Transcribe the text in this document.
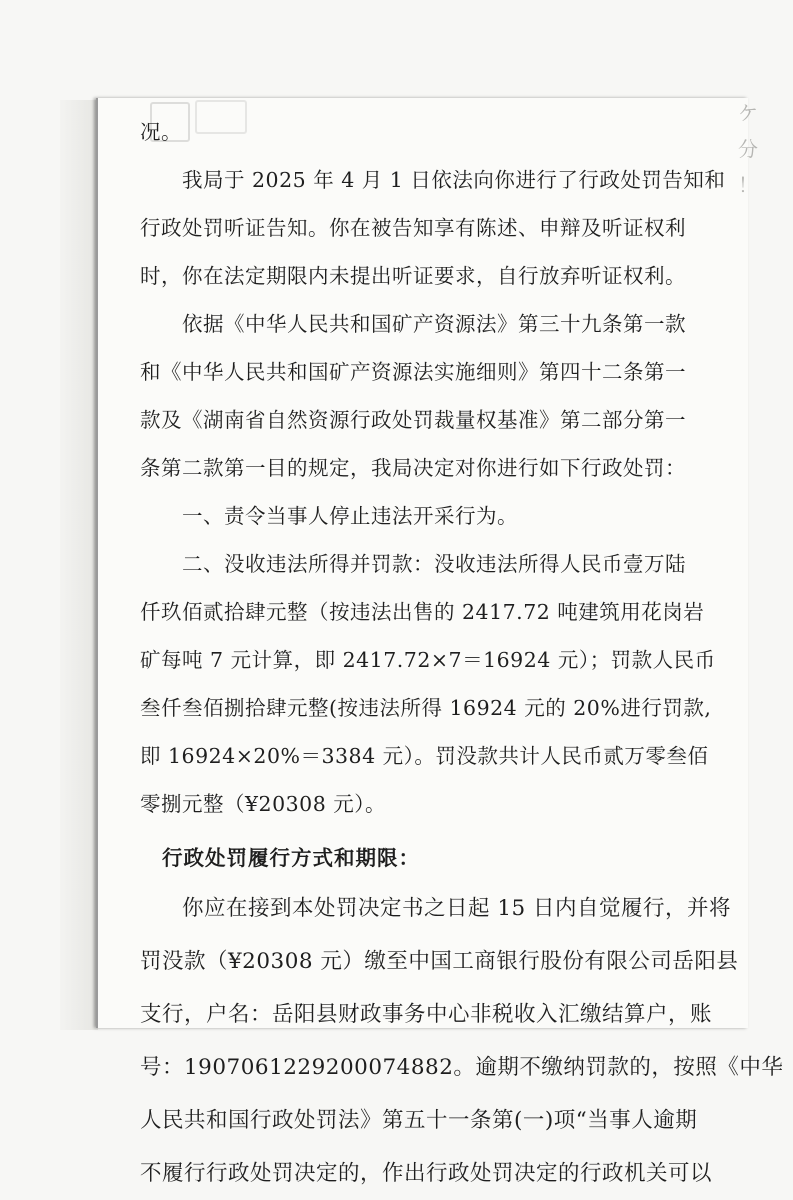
ケ
分
！
况。
我局于 2025 年 4 月 1 日依法向你进行了行政处罚告知和
行政处罚听证告知。你在被告知享有陈述、申辩及听证权利
时，你在法定期限内未提出听证要求，自行放弃听证权利。
依据《中华人民共和国矿产资源法》第三十九条第一款
和《中华人民共和国矿产资源法实施细则》第四十二条第一
款及《湖南省自然资源行政处罚裁量权基准》第二部分第一
条第二款第一目的规定，我局决定对你进行如下行政处罚：
一、责令当事人停止违法开采行为。
二、没收违法所得并罚款：没收违法所得人民币壹万陆
仟玖佰贰拾肆元整（按违法出售的 2417.72 吨建筑用花岗岩
矿每吨 7 元计算，即 2417.72×7＝16924 元）；罚款人民币
叁仟叁佰捌拾肆元整(按违法所得 16924 元的 20%进行罚款,
即 16924×20%＝3384 元）。罚没款共计人民币贰万零叁佰
零捌元整（¥20308 元）。
行政处罚履行方式和期限：
你应在接到本处罚决定书之日起 15 日内自觉履行，并将
罚没款（¥20308 元）缴至中国工商银行股份有限公司岳阳县
支行，户名：岳阳县财政事务中心非税收入汇缴结算户，账
号：1907061229200074882。逾期不缴纳罚款的，按照《中华
人民共和国行政处罚法》第五十一条第(一)项“当事人逾期
不履行行政处罚决定的，作出行政处罚决定的行政机关可以
